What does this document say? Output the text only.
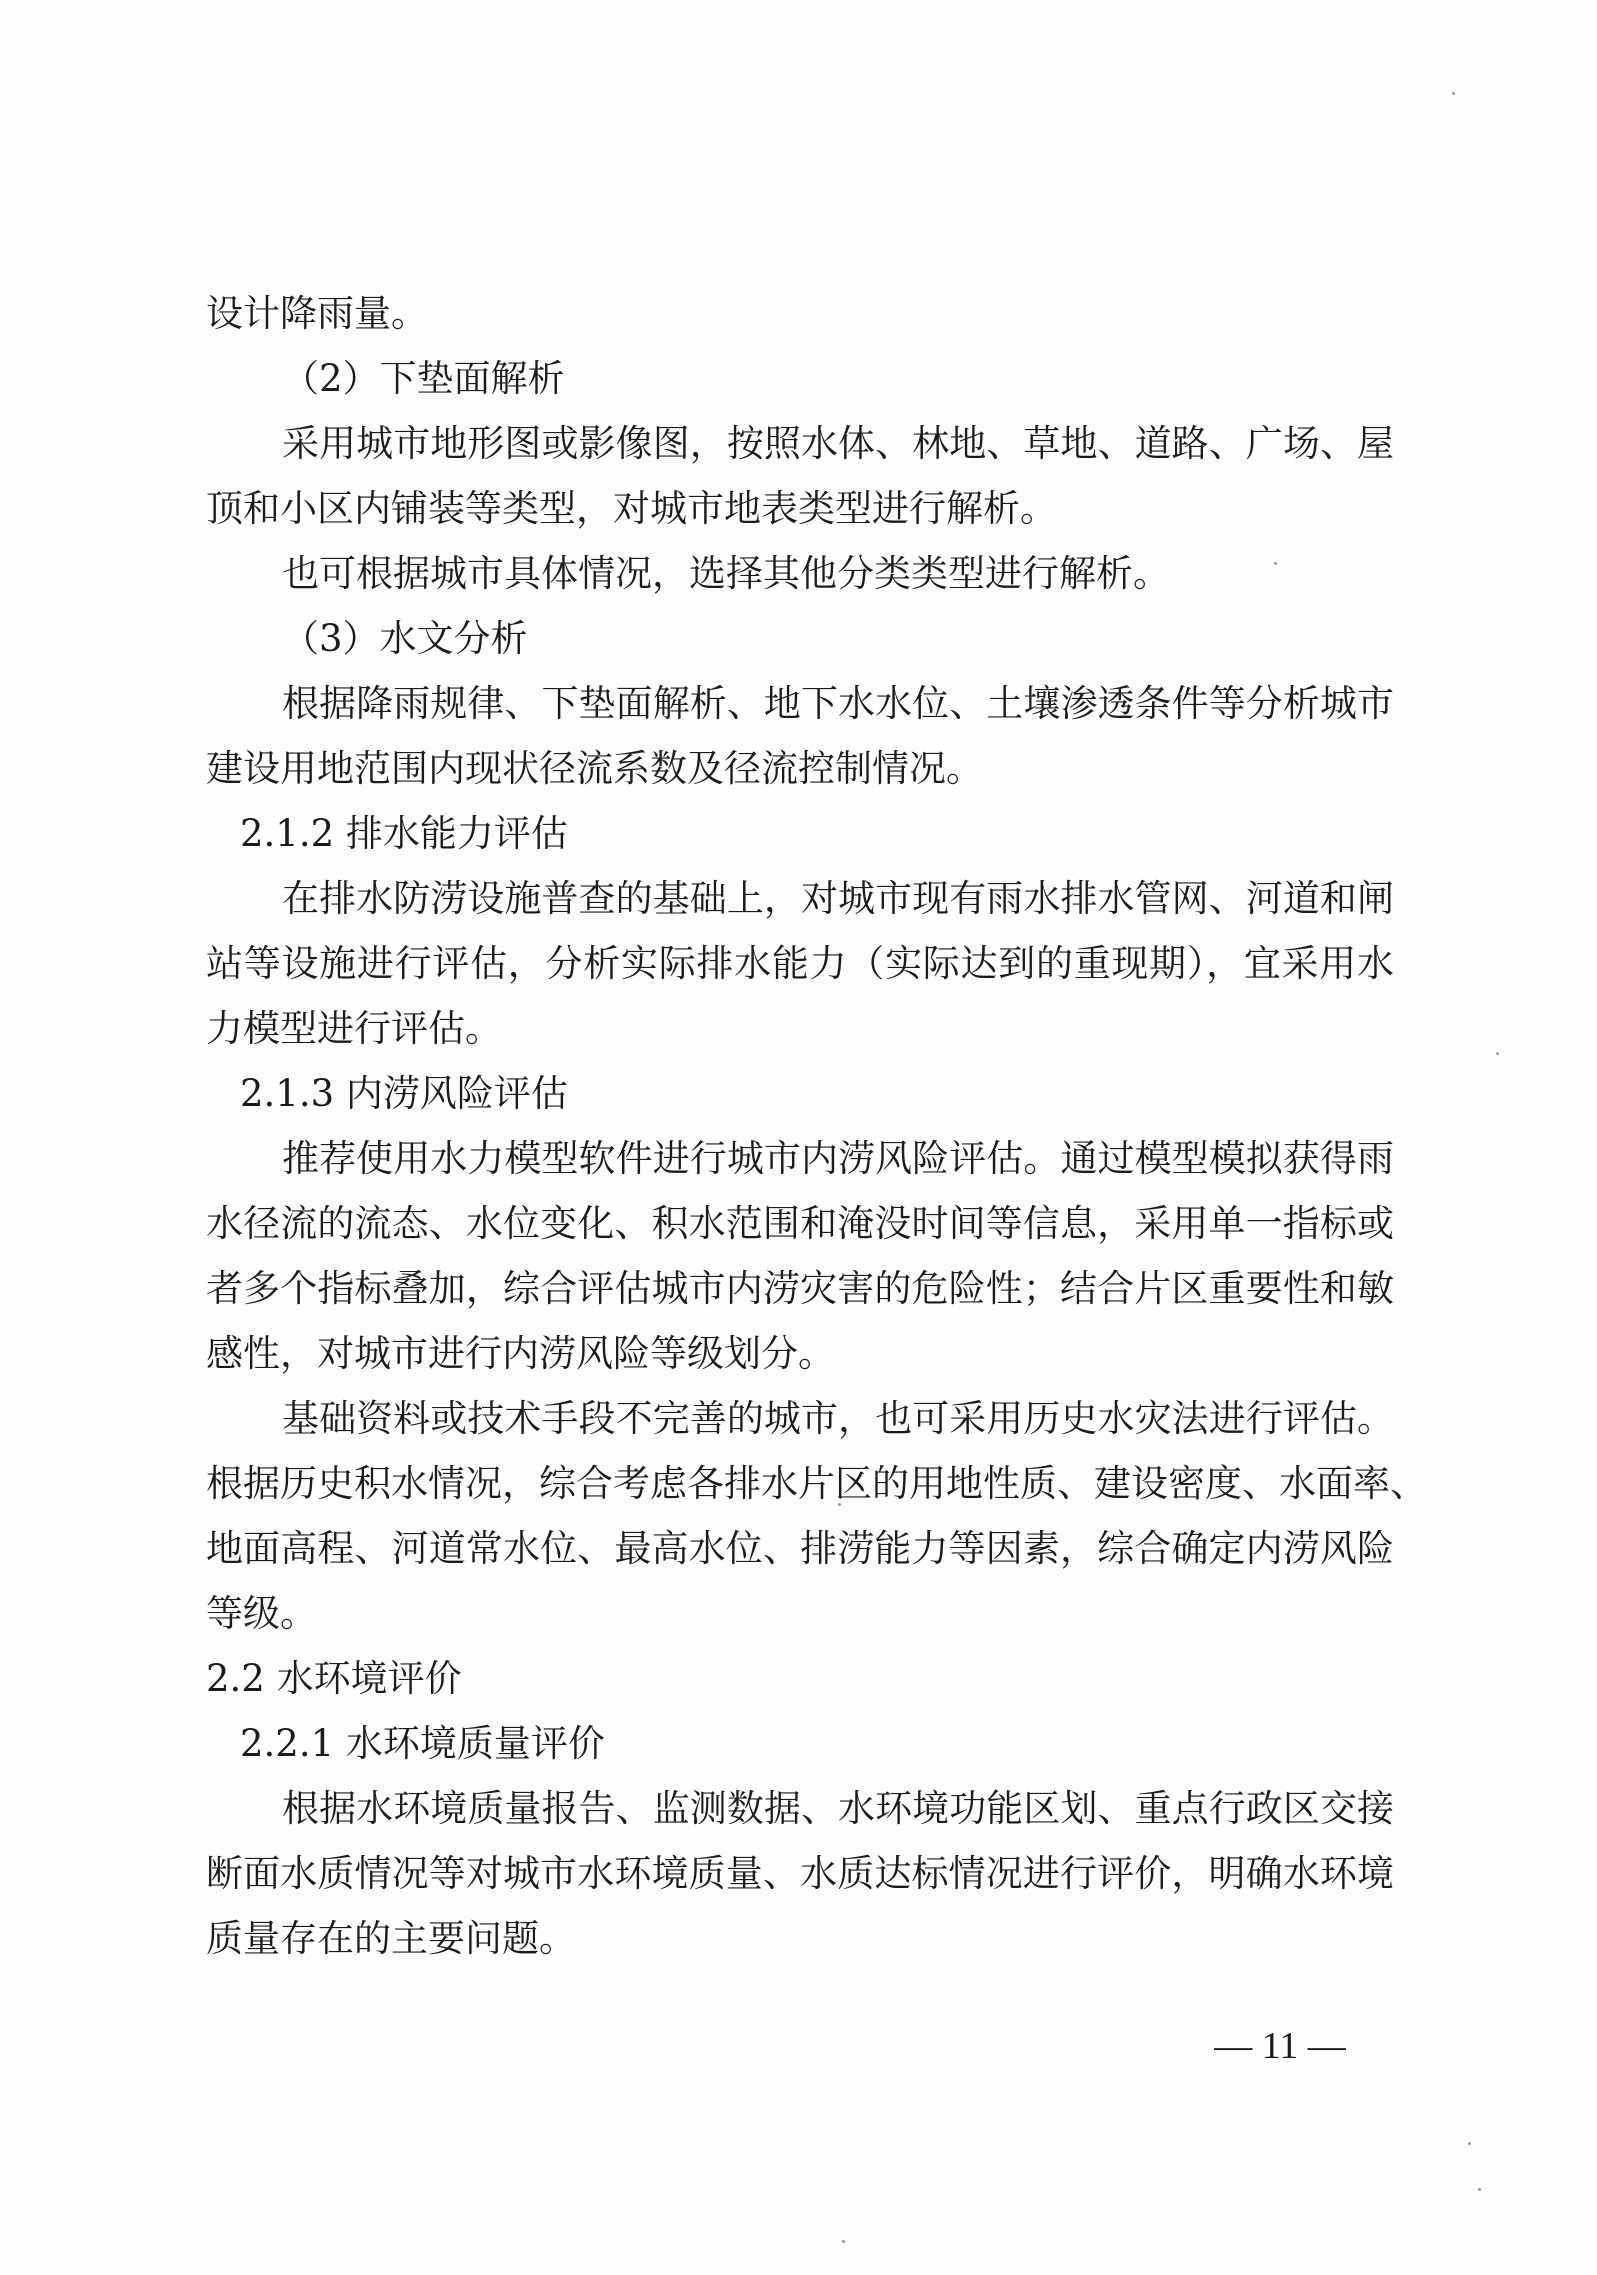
设计降雨量。

（2）下垫面解析

采用城市地形图或影像图，按照水体、林地、草地、道路、广场、屋

顶和小区内铺装等类型，对城市地表类型进行解析。

也可根据城市具体情况，选择其他分类类型进行解析。

（3）水文分析

根据降雨规律、下垫面解析、地下水水位、土壤渗透条件等分析城市

建设用地范围内现状径流系数及径流控制情况。

2.1.2 排水能力评估

在排水防涝设施普查的基础上，对城市现有雨水排水管网、河道和闸

站等设施进行评估，分析实际排水能力（实际达到的重现期），宜采用水

力模型进行评估。

2.1.3 内涝风险评估

推荐使用水力模型软件进行城市内涝风险评估。通过模型模拟获得雨

水径流的流态、水位变化、积水范围和淹没时间等信息，采用单一指标或

者多个指标叠加，综合评估城市内涝灾害的危险性；结合片区重要性和敏

感性，对城市进行内涝风险等级划分。

基础资料或技术手段不完善的城市，也可采用历史水灾法进行评估。

根据历史积水情况，综合考虑各排水片区的用地性质、建设密度、水面率、

地面高程、河道常水位、最高水位、排涝能力等因素，综合确定内涝风险

等级。

2.2 水环境评价

2.2.1 水环境质量评价

根据水环境质量报告、监测数据、水环境功能区划、重点行政区交接

断面水质情况等对城市水环境质量、水质达标情况进行评价，明确水环境

质量存在的主要问题。

— 11 —
